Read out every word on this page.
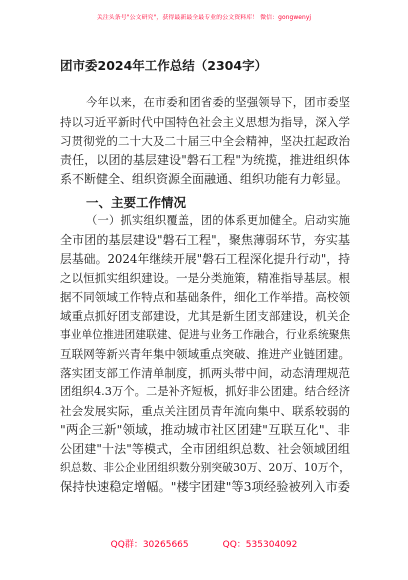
关注头条号"公文研究"，获得最新最全最专业的公文资料库！ 微信：gongwenyj
团市委2024年工作总结（2304字）
今年以来，在市委和团省委的坚强领导下，团市委坚
持以习近平新时代中国特色社会主义思想为指导，深入学
习贯彻党的二十大及二十届三中全会精神，坚决扛起政治
责任，以团的基层建设"磐石工程"为统揽，推进组织体
系不断健全、组织资源全面融通、组织功能有力彰显。
一、主要工作情况
（一）抓实组织覆盖，团的体系更加健全。启动实施
全市团的基层建设"磐石工程"，聚焦薄弱环节，夯实基
层基础。2024年继续开展"磐石工程深化提升行动"，持
之以恒抓实组织建设。一是分类施策，精准指导基层。根
据不同领域工作特点和基础条件，细化工作举措。高校领
域重点抓好团支部建设，尤其是新生团支部建设，机关企
事业单位推进团建联建、促进与业务工作融合，行业系统聚焦
互联网等新兴青年集中领域重点突破、推进产业链团建。
落实团支部工作清单制度，抓两头带中间，动态清理规范
团组织4.3万个。二是补齐短板，抓好非公团建。结合经济
社会发展实际，重点关注团员青年流向集中、联系较弱的
"两企三新"领域，推动城市社区团建"互联互化"、非
公团建"十法"等模式，全市团组织总数、社会领域团组
织总数、非公企业团组织数分别突破30万、20万、10万个，
保持快速稳定增幅。"楼宇团建"等3项经验被列入市委
QQ群：30265665	QQ：535304092
